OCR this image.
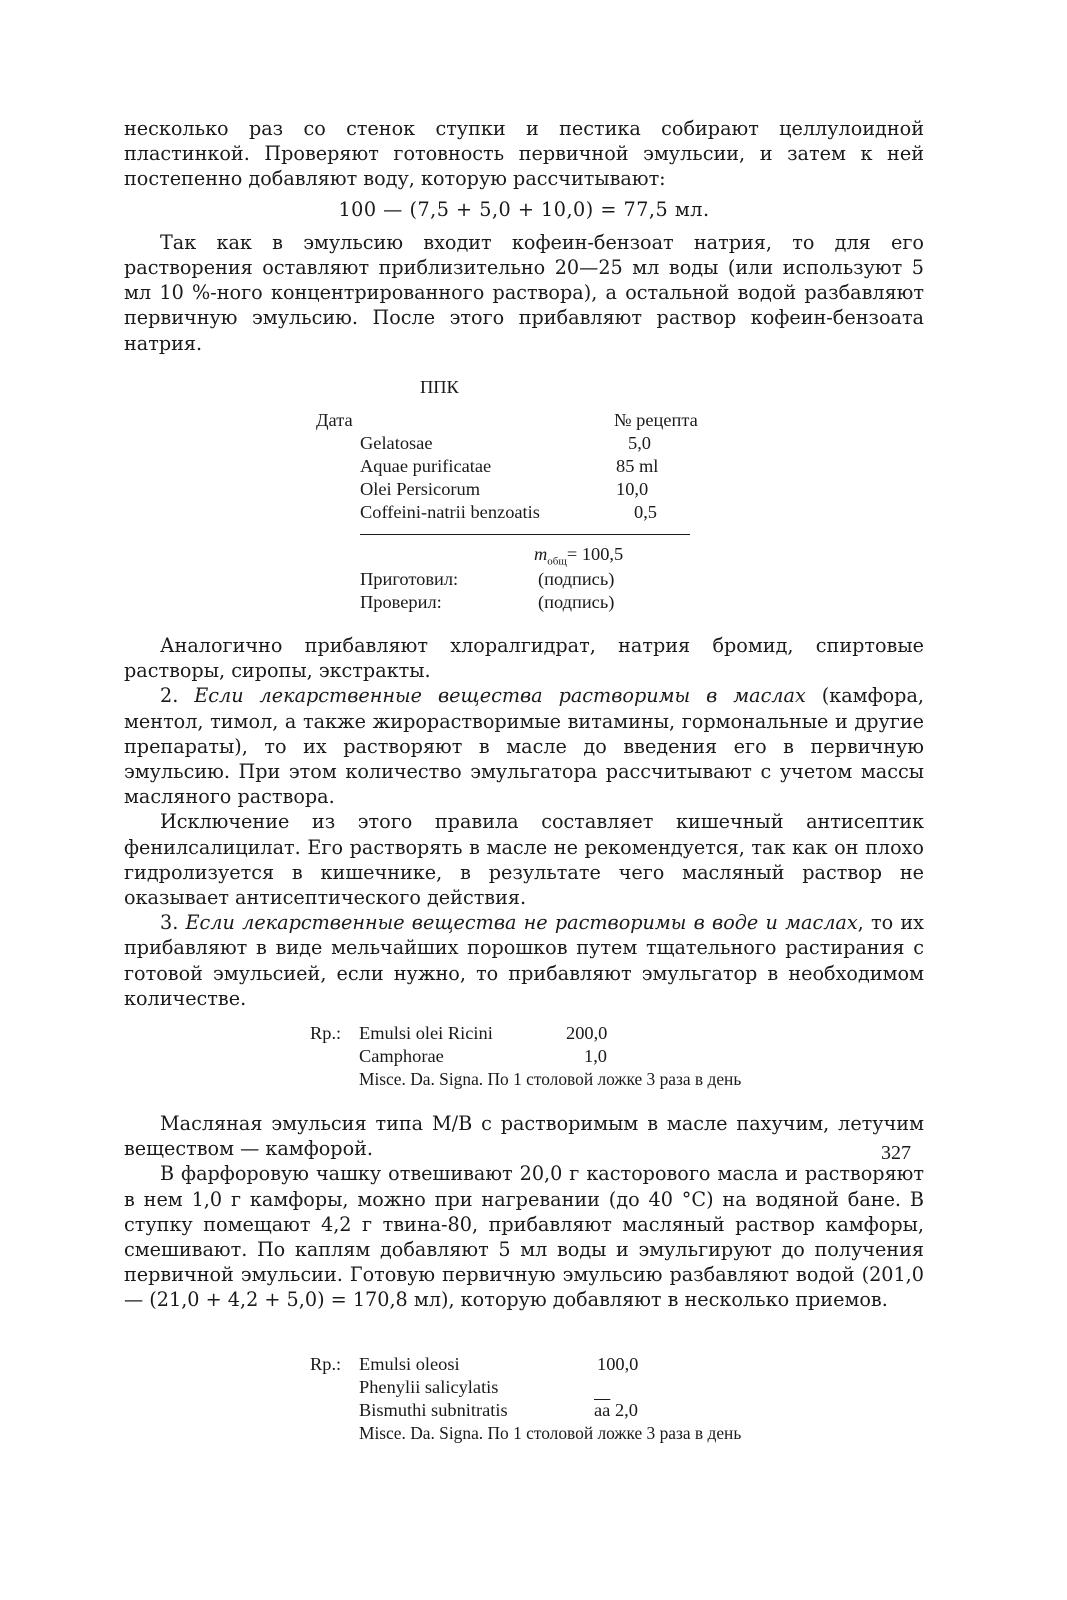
несколько раз со стенок ступки и пестика собирают целлулоидной пластинкой. Проверяют готовность первичной эмульсии, и затем к ней постепенно добавляют воду, которую рассчитывают:

100 — (7,5 + 5,0 + 10,0) = 77,5 мл.

Так как в эмульсию входит кофеин-бензоат натрия, то для его растворения оставляют приблизительно 20—25 мл воды (или используют 5 мл 10 %-ного концентрированного раствора), а остальной водой разбавляют первичную эмульсию. После этого прибавляют раствор кофеин-бензоата натрия.

ППК
Дата	№ рецепта
Gelatosae	5,0
Aquae purificatae	85 ml
Olei Persicorum	10,0
Coffeini-natrii benzoatis	0,5
$m_{общ}= 100,5$
Приготовил:	(подпись)
Проверил:	(подпись)

Аналогично прибавляют хлоралгидрат, натрия бромид, спиртовые растворы, сиропы, экстракты.

2. Если лекарственные вещества растворимы в маслах (камфора, ментол, тимол, а также жирорастворимые витамины, гормональные и другие препараты), то их растворяют в масле до введения его в первичную эмульсию. При этом количество эмульгатора рассчитывают с учетом массы масляного раствора.

Исключение из этого правила составляет кишечный антисептик фенилсалицилат. Его растворять в масле не рекомендуется, так как он плохо гидролизуется в кишечнике, в результате чего масляный раствор не оказывает антисептического действия.

3. Если лекарственные вещества не растворимы в воде и маслах, то их прибавляют в виде мельчайших порошков путем тщательного растирания с готовой эмульсией, если нужно, то прибавляют эмульгатор в необходимом количестве.

Rp.: Emulsi olei Ricini	200,0
Camphorae	1,0
Misce. Da. Signa. По 1 столовой ложке 3 раза в день

Масляная эмульсия типа М/В с растворимым в масле пахучим, летучим веществом — камфорой.

В фарфоровую чашку отвешивают 20,0 г касторового масла и растворяют в нем 1,0 г камфоры, можно при нагревании (до 40 °С) на водяной бане. В ступку помещают 4,2 г твина-80, прибавляют масляный раствор камфоры, смешивают. По каплям добавляют 5 мл воды и эмульгируют до получения первичной эмульсии. Готовую первичную эмульсию разбавляют водой (201,0 — (21,0 + 4,2 + 5,0) = 170,8 мл), которую добавляют в несколько приемов.

Rp.: Emulsi oleosi	100,0
Phenylii salicylatis
Bismuthi subnitratis	$\overline{aa}$ 2,0
Misce. Da. Signa. По 1 столовой ложке 3 раза в день
327
